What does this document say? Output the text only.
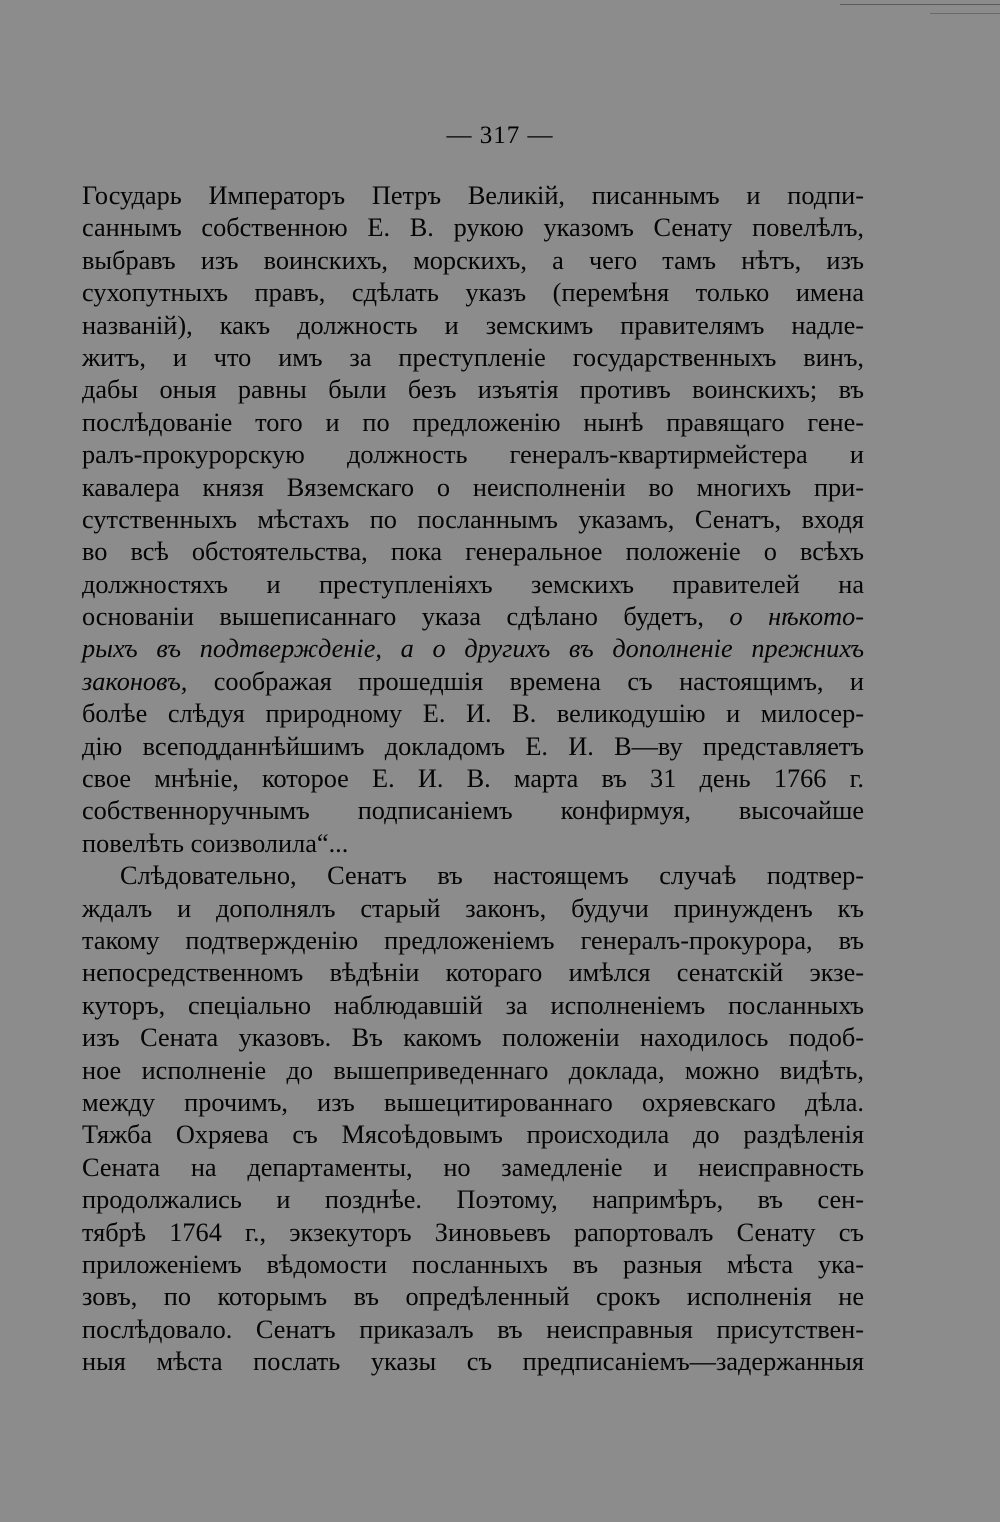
— 317 —
Государь Императоръ Петръ Великій, писаннымъ и подпи-
саннымъ собственною Е. В. рукою указомъ Сенату повелѣлъ,
выбравъ изъ воинскихъ, морскихъ, а чего тамъ нѣтъ, изъ
сухопутныхъ правъ, сдѣлать указъ (перемѣня только имена
названій), какъ должность и земскимъ правителямъ надле-
житъ, и что имъ за преступленіе государственныхъ винъ,
дабы оныя равны были безъ изъятія противъ воинскихъ; въ
послѣдованіе того и по предложенію нынѣ правящаго гене-
ралъ-прокурорскую должность генералъ-квартирмейстера и
кавалера князя Вяземскаго о неисполненіи во многихъ при-
сутственныхъ мѣстахъ по посланнымъ указамъ, Сенатъ, входя
во всѣ обстоятельства, пока генеральное положеніе о всѣхъ
должностяхъ и преступленіяхъ земскихъ правителей на
основаніи вышеписаннаго указа сдѣлано будетъ, о нѣкото-
рыхъ въ подтвержденіе, а о другихъ въ дополненіе прежнихъ
законовъ, соображая прошедшія времена съ настоящимъ, и
болѣе слѣдуя природному Е. И. В. великодушію и милосер-
дію всеподданнѣйшимъ докладомъ Е. И. В—ву представляетъ
свое мнѣніе, которое Е. И. В. марта въ 31 день 1766 г.
собственноручнымъ подписаніемъ конфирмуя, высочайше
повелѣть соизволила“...
Слѣдовательно, Сенатъ въ настоящемъ случаѣ подтвер-
ждалъ и дополнялъ старый законъ, будучи принужденъ къ
такому подтвержденію предложеніемъ генералъ-прокурора, въ
непосредственномъ вѣдѣніи котораго имѣлся сенатскій экзе-
куторъ, спеціально наблюдавшій за исполненіемъ посланныхъ
изъ Сената указовъ. Въ какомъ положеніи находилось подоб-
ное исполненіе до вышеприведеннаго доклада, можно видѣть,
между прочимъ, изъ вышецитированнаго охряевскаго дѣла.
Тяжба Охряева съ Мясоѣдовымъ происходила до раздѣленія
Сената на департаменты, но замедленіе и неисправность
продолжались и позднѣе. Поэтому, напримѣръ, въ сен-
тябрѣ 1764 г., экзекуторъ Зиновьевъ рапортовалъ Сенату съ
приложеніемъ вѣдомости посланныхъ въ разныя мѣста ука-
зовъ, по которымъ въ опредѣленный срокъ исполненія не
послѣдовало. Сенатъ приказалъ въ неисправныя присутствен-
ныя мѣста послать указы съ предписаніемъ—задержанныя
